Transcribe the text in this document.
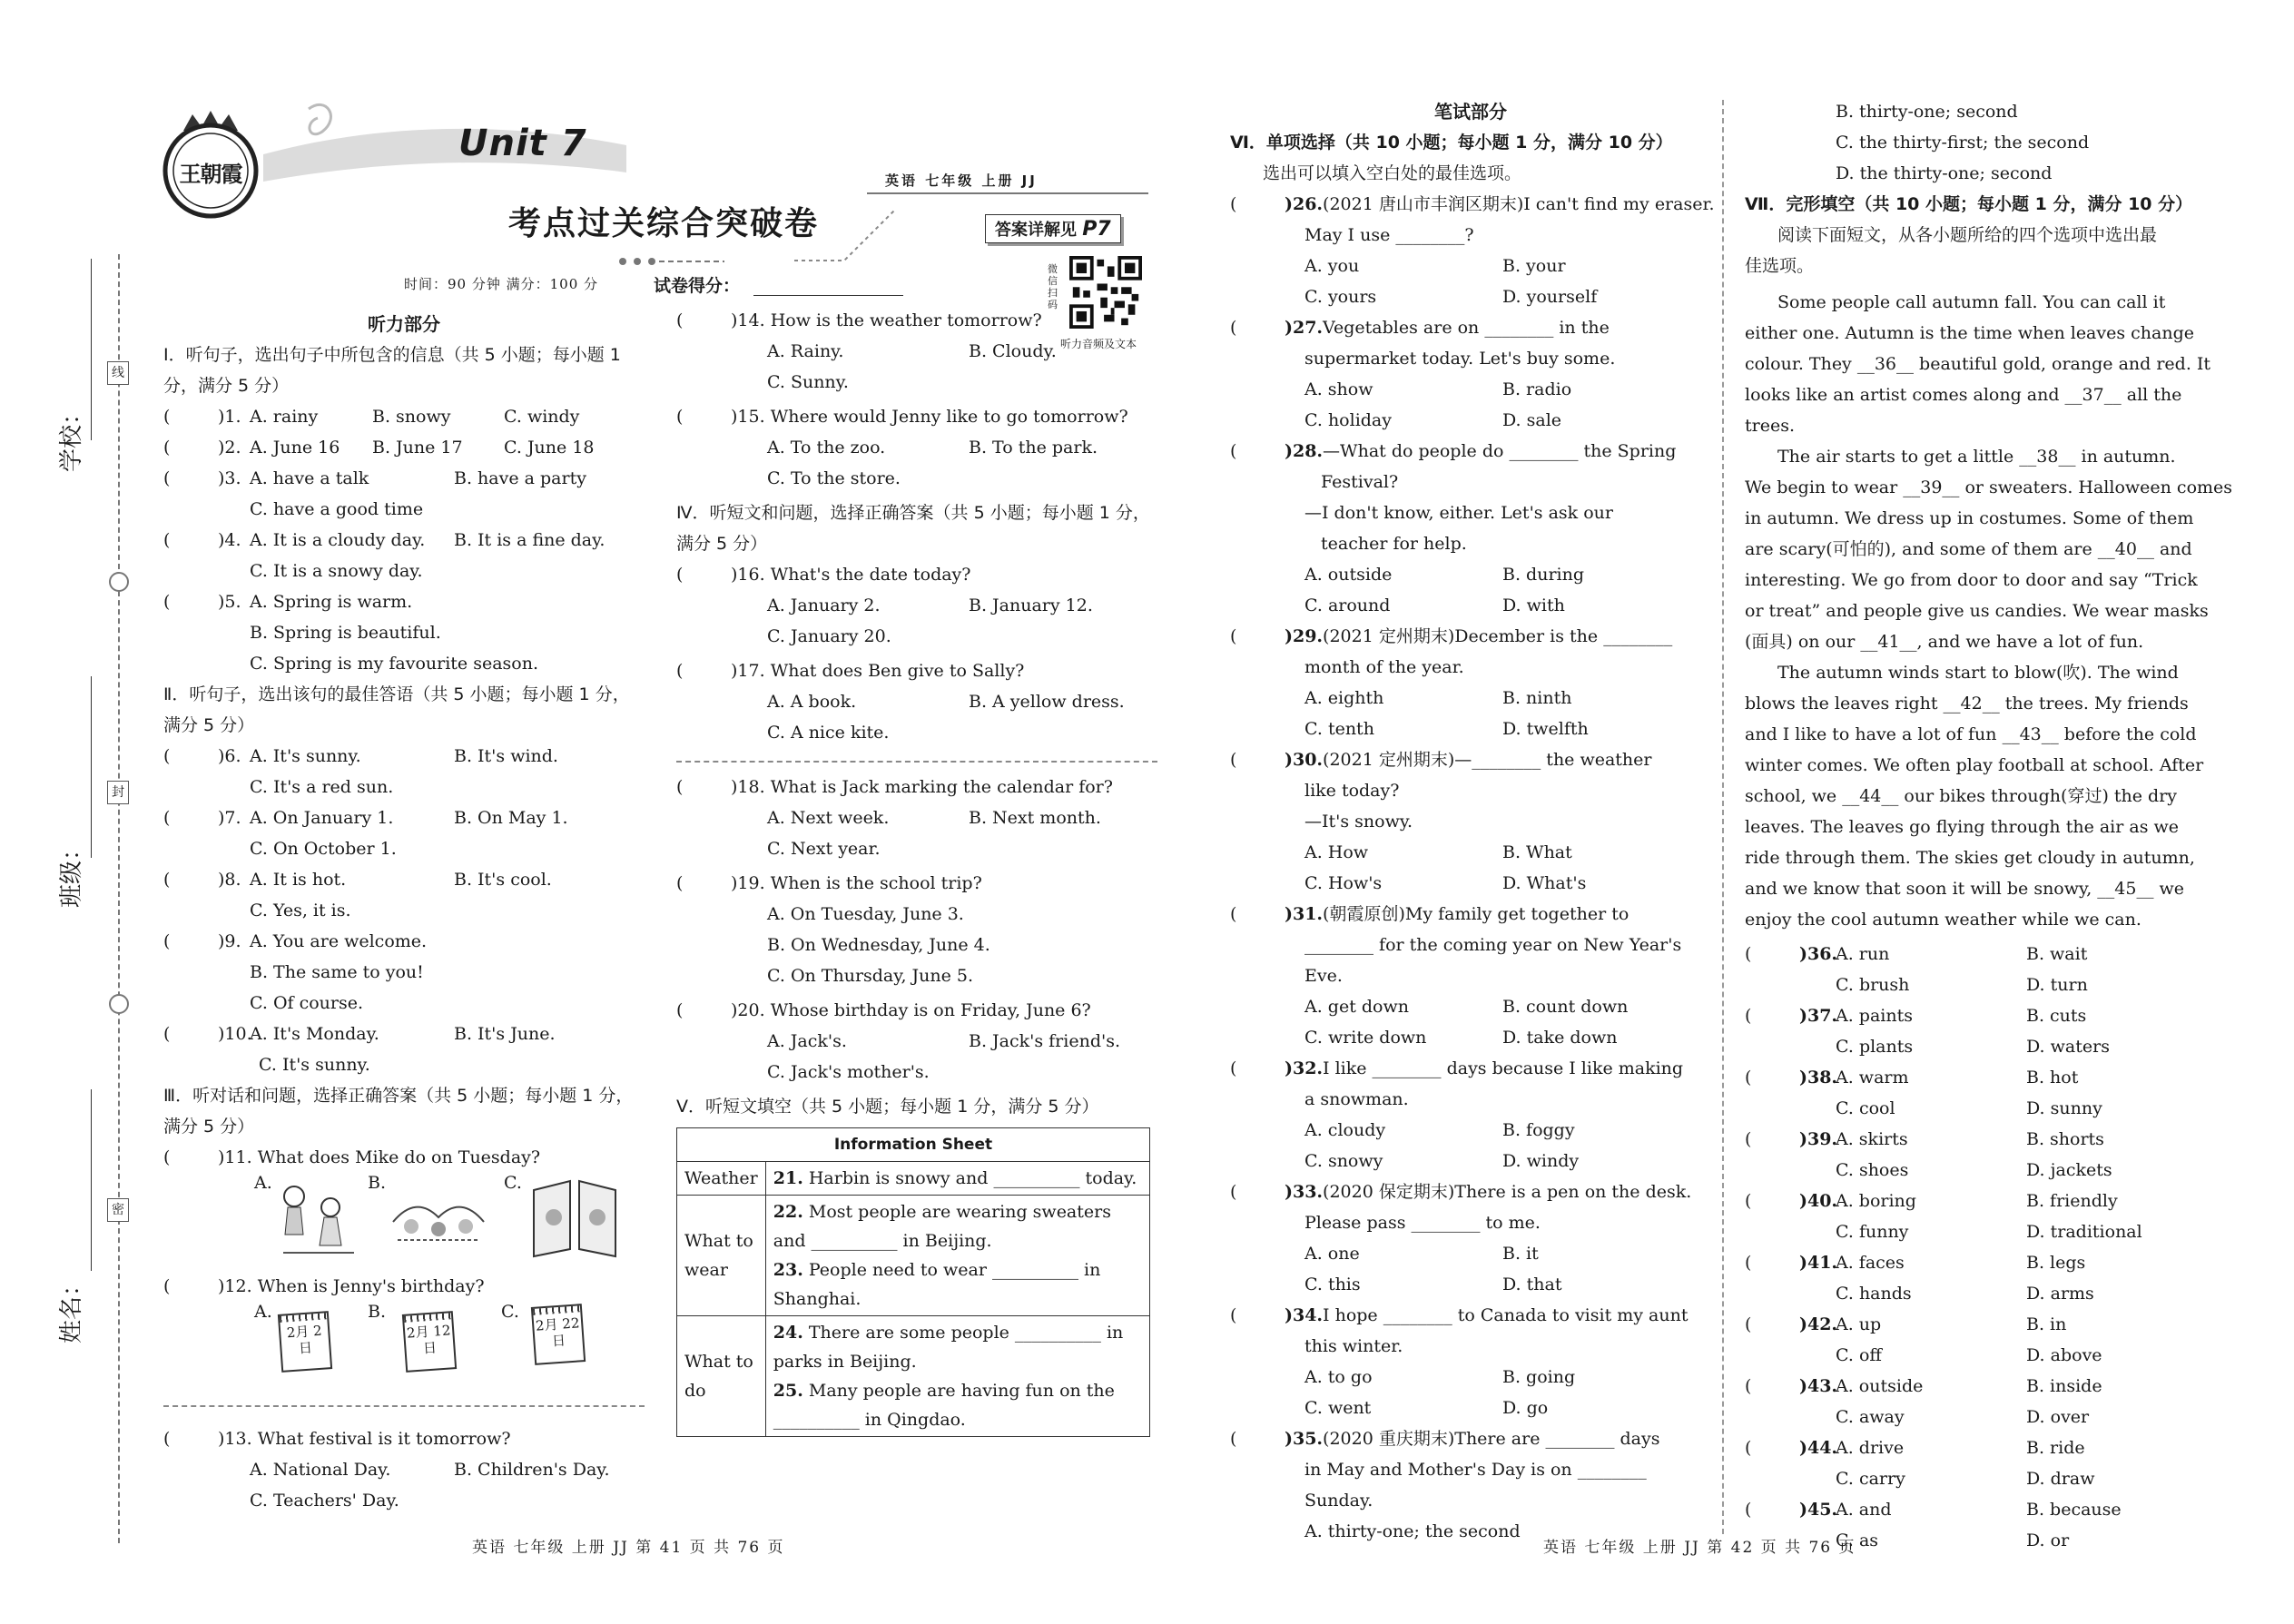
学校：
班级：
姓名：
线
封
密
王朝霞
Unit 7
英语 七年级 上册 JJ
考点过关综合突破卷	答案详解见 P7
时间：90 分钟 满分：100 分	试卷得分：
微信扫码
听力音频及文本
听力部分
Ⅰ．听句子，选出句子中所包含的信息（共 5 小题；每小题 1 分，满分 5 分）
(	)1. A. rainy	B. snowy	C. windy
(	)2. A. June 16 B. June 17 C. June 18
(	)3. A. have a talk	B. have a party
C. have a good time
(	)4. A. It is a cloudy day. B. It is a fine day.
C. It is a snowy day.
(	)5. A. Spring is warm.
B. Spring is beautiful.
C. Spring is my favourite season.
Ⅱ．听句子，选出该句的最佳答语（共 5 小题；每小题 1 分，满分 5 分）
(	)6. A. It's sunny.	B. It's wind.
C. It's a red sun.
(	)7. A. On January 1.	B. On May 1.
C. On October 1.
(	)8. A. It is hot.	B. It's cool.
C. Yes, it is.
(	)9. A. You are welcome.
B. The same to you!
C. Of course.
(	)10.
A. It's Monday.	B. It's June.
C. It's sunny.
Ⅲ．听对话和问题，选择正确答案（共 5 小题；每小题 1 分，满分 5 分）
(	)11. What does Mike do on Tuesday?
A.	B.	C.
(	)12. When is Jenny's birthday?
A.
2月 2日
B.
2月 12日
C.
2月 22日
(	)13. What festival is it tomorrow?
A. National Day.	B. Children's Day.
C. Teachers' Day.
(	)14. How is the weather tomorrow?
A. Rainy.	B. Cloudy.
C. Sunny.
(	)15. Where would Jenny like to go tomorrow?
A. To the zoo.	B. To the park.
C. To the store.
Ⅳ．听短文和问题，选择正确答案（共 5 小题；每小题 1 分，满分 5 分）
(	)16. What's the date today?
A. January 2.	B. January 12.
C. January 20.
(	)17. What does Ben give to Sally?
A. A book.	B. A yellow dress.
C. A nice kite.
(	)18. What is Jack marking the calendar for?
A. Next week.	B. Next month.
C. Next year.
(	)19. When is the school trip?
A. On Tuesday, June 3.
B. On Wednesday, June 4.
C. On Thursday, June 5.
(	)20. Whose birthday is on Friday, June 6?
A. Jack's.	B. Jack's friend's.
C. Jack's mother's.
Ⅴ．听短文填空（共 5 小题；每小题 1 分，满分 5 分）
Information Sheet	
Weather	21. Harbin is snowy and __________ today.
What to wear	22. Most people are wearing sweaters and __________ in Beijing.
23. People need to wear __________ in Shanghai.

What to do	24. There are some people __________ in parks in Beijing.
25. Many people are having fun on the __________ in Qingdao.
英语 七年级 上册 JJ 第 41 页 共 76 页
笔试部分
Ⅵ．单项选择（共 10 小题；每小题 1 分，满分 10 分）
选出可以填入空白处的最佳选项。
(	)26.(2021 唐山市丰润区期末)I can't find my eraser.
May I use ________?
A. you	B. your
C. yours	D. yourself
(	)27.Vegetables are on ________ in the
supermarket today. Let's buy some.
A. show	B. radio
C. holiday	D. sale
(	)28.—What do people do ________ the Spring
Festival?
—I don't know, either. Let's ask our
teacher for help.
A. outside	B. during
C. around	D. with
(	)29.(2021 定州期末)December is the ________
month of the year.
A. eighth	B. ninth
C. tenth	D. twelfth
(	)30.(2021 定州期末)—________ the weather
like today?
—It's snowy.
A. How	B. What
C. How's	D. What's
(	)31.(朝霞原创)My family get together to
________ for the coming year on New Year's
Eve.
A. get down	B. count down
C. write down	D. take down
(	)32.I like ________ days because I like making
a snowman.
A. cloudy	B. foggy
C. snowy	D. windy
(	)33.(2020 保定期末)There is a pen on the desk.
Please pass ________ to me.
A. one	B. it
C. this	D. that
(	)34.I hope ________ to Canada to visit my aunt
this winter.
A. to go	B. going
C. went	D. go
(	)35.(2020 重庆期末)There are ________ days
in May and Mother's Day is on ________
Sunday.
A. thirty-one; the second
B. thirty-one; second
C. the thirty-first; the second
D. the thirty-one; second
Ⅶ．完形填空（共 10 小题；每小题 1 分，满分 10 分）
阅读下面短文，从各小题所给的四个选项中选出最
佳选项。
Some people call autumn fall. You can call it
either one. Autumn is the time when leaves change
colour. They __36__ beautiful gold, orange and red. It
looks like an artist comes along and __37__ all the
trees.
The air starts to get a little __38__ in autumn.
We begin to wear __39__ or sweaters. Halloween comes
in autumn. We dress up in costumes. Some of them
are scary(可怕的), and some of them are __40__ and
interesting. We go from door to door and say “Trick
or treat” and people give us candies. We wear masks
(面具) on our __41__, and we have a lot of fun.
The autumn winds start to blow(吹). The wind
blows the leaves right __42__ the trees. My friends
and I like to have a lot of fun __43__ before the cold
winter comes. We often play football at school. After
school, we __44__ our bikes through(穿过) the dry
leaves. The leaves go flying through the air as we
ride through them. The skies get cloudy in autumn,
and we know that soon it will be snowy, __45__ we
enjoy the cool autumn weather while we can.
(	)36.
A. run	B. wait
C. brush	D. turn
(	)37.
A. paints	B. cuts
C. plants	D. waters
(	)38.
A. warm	B. hot
C. cool	D. sunny
(	)39.
A. skirts	B. shorts
C. shoes	D. jackets
(	)40.
A. boring	B. friendly
C. funny	D. traditional
(	)41.
A. faces	B. legs
C. hands	D. arms
(	)42.
A. up	B. in
C. off	D. above
(	)43.
A. outside	B. inside
C. away	D. over
(	)44.
A. drive	B. ride
C. carry	D. draw
(	)45.
A. and	B. because
C. as	D. or
英语 七年级 上册 JJ 第 42 页 共 76 页
